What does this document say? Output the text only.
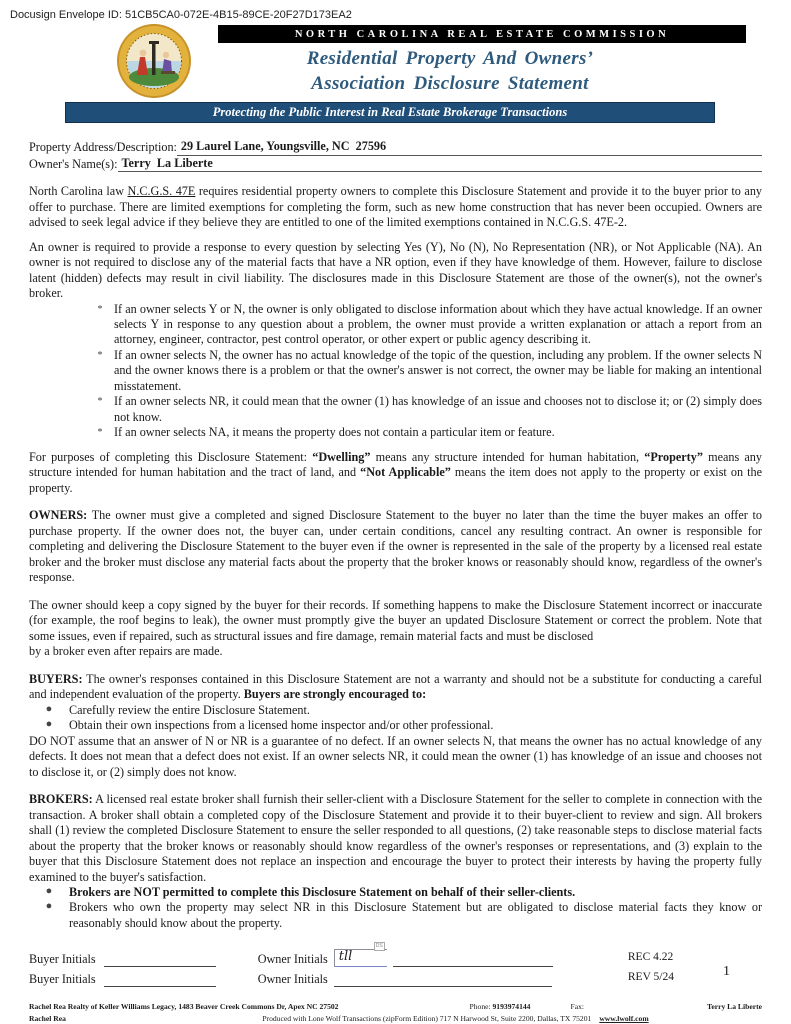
Docusign Envelope ID: 51CB5CA0-072E-4B15-89CE-20F27D173EA2
NORTH CAROLINA REAL ESTATE COMMISSION
Residential Property And Owners’
Association Disclosure Statement
Protecting the Public Interest in Real Estate Brokerage Transactions
Property Address/Description: 29 Laurel Lane, Youngsville, NC  27596
Owner's Name(s): Terry  La Liberte

North Carolina law N.C.G.S. 47E requires residential property owners to complete this Disclosure Statement and provide it to the buyer prior to any offer to purchase. There are limited exemptions for completing the form, such as new home construction that has never been occupied. Owners are advised to seek legal advice if they believe they are entitled to one of the limited exemptions contained in N.C.G.S. 47E-2.

An owner is required to provide a response to every question by selecting Yes (Y), No (N), No Representation (NR), or Not Applicable (NA). An owner is not required to disclose any of the material facts that have a NR option, even if they have knowledge of them. However, failure to disclose latent (hidden) defects may result in civil liability. The disclosures made in this Disclosure Statement are those of the owner(s), not the owner's broker.

* If an owner selects Y or N, the owner is only obligated to disclose information about which they have actual knowledge. If an owner selects Y in response to any question about a problem, the owner must provide a written explanation or attach a report from an attorney, engineer, contractor, pest control operator, or other expert or public agency describing it.
* If an owner selects N, the owner has no actual knowledge of the topic of the question, including any problem. If the owner selects N and the owner knows there is a problem or that the owner's answer is not correct, the owner may be liable for making an intentional misstatement.
* If an owner selects NR, it could mean that the owner (1) has knowledge of an issue and chooses not to disclose it; or (2) simply does not know.
* If an owner selects NA, it means the property does not contain a particular item or feature.

For purposes of completing this Disclosure Statement: “Dwelling” means any structure intended for human habitation, “Property” means any structure intended for human habitation and the tract of land, and “Not Applicable” means the item does not apply to the property or exist on the property.

OWNERS: The owner must give a completed and signed Disclosure Statement to the buyer no later than the time the buyer makes an offer to purchase property. If the owner does not, the buyer can, under certain conditions, cancel any resulting contract. An owner is responsible for completing and delivering the Disclosure Statement to the buyer even if the owner is represented in the sale of the property by a licensed real estate broker and the broker must disclose any material facts about the property that the broker knows or reasonably should know, regardless of the owner's response.

The owner should keep a copy signed by the buyer for their records. If something happens to make the Disclosure Statement incorrect or inaccurate (for example, the roof begins to leak), the owner must promptly give the buyer an updated Disclosure Statement or correct the problem. Note that some issues, even if repaired, such as structural issues and fire damage, remain material facts and must be disclosed

by a broker even after repairs are made.

BUYERS: The owner's responses contained in this Disclosure Statement are not a warranty and should not be a substitute for conducting a careful and independent evaluation of the property. Buyers are strongly encouraged to:

●	Carefully review the entire Disclosure Statement.
●	Obtain their own inspections from a licensed home inspector and/or other professional.

DO NOT assume that an answer of N or NR is a guarantee of no defect. If an owner selects N, that means the owner has no actual knowledge of any defects. It does not mean that a defect does not exist. If an owner selects NR, it could mean the owner (1) has knowledge of an issue and chooses not to disclose it, or (2) simply does not know.

BROKERS: A licensed real estate broker shall furnish their seller-client with a Disclosure Statement for the seller to complete in connection with the transaction. A broker shall obtain a completed copy of the Disclosure Statement and provide it to their buyer-client to review and sign. All brokers shall (1) review the completed Disclosure Statement to ensure the seller responded to all questions, (2) take reasonable steps to disclose material facts about the property that the broker knows or reasonably should know regardless of the owner's responses or representations, and (3) explain to the buyer that this Disclosure Statement does not replace an inspection and encourage the buyer to protect their interests by having the property fully examined to the buyer's satisfaction.

●	Brokers are NOT permitted to complete this Disclosure Statement on behalf of their seller-clients.
●	Brokers who own the property may select NR in this Disclosure Statement but are obligated to disclose material facts they know or reasonably should know about the property.
Buyer Initials	Owner Initials
DS
tll
Buyer Initials	Owner Initials
REC 4.22
REV 5/24	1
Rachel Rea Realty of Keller Williams Legacy, 1483 Beaver Creek Commons Dr, Apex NC 27502	Phone: 9193974144	Fax:	Terry La Liberte
Rachel Rea	Produced with Lone Wolf Transactions (zipForm Edition) 717 N Harwood St, Suite 2200, Dallas, TX 75201 www.lwolf.com
